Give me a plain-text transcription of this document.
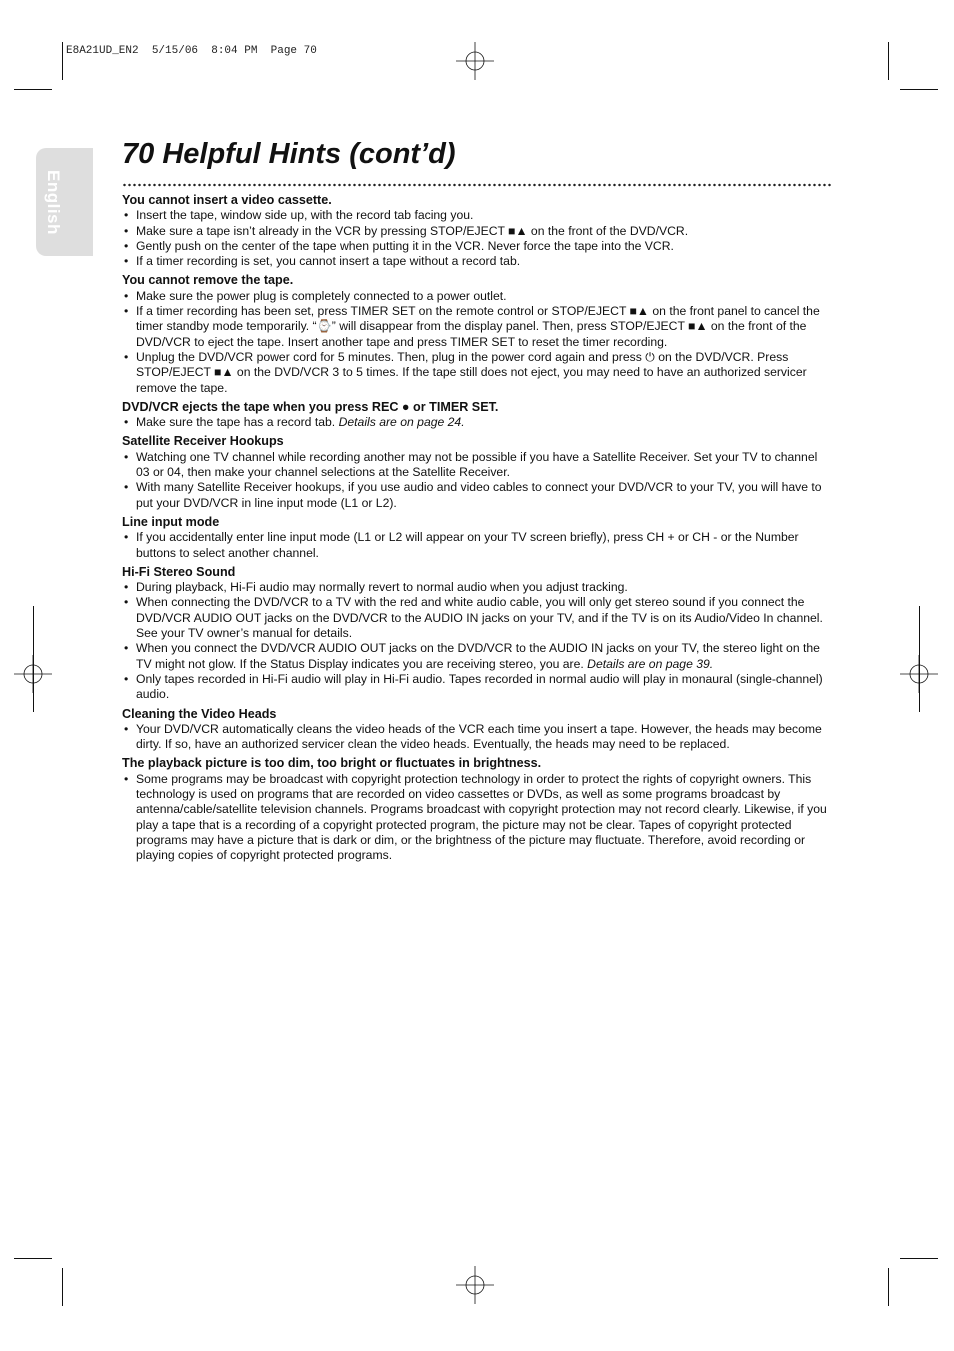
E8A21UD_EN2  5/15/06  8:04 PM  Page 70
English
70 Helpful Hints (cont’d)

You cannot insert a video cassette.

• Insert the tape, window side up, with the record tab facing you.
• Make sure a tape isn’t already in the VCR by pressing STOP/EJECT ■▲ on the front of the DVD/VCR.
• Gently push on the center of the tape when putting it in the VCR. Never force the tape into the VCR.
• If a timer recording is set, you cannot insert a tape without a record tab.

You cannot remove the tape.

• Make sure the power plug is completely connected to a power outlet.
• If a timer recording has been set, press TIMER SET on the remote control or STOP/EJECT ■▲ on the front panel to cancel the timer standby mode temporarily. “⌚” will disappear from the display panel. Then, press STOP/EJECT ■▲ on the front of the DVD/VCR to eject the tape. Insert another tape and press TIMER SET to reset the timer recording.
• Unplug the DVD/VCR power cord for 5 minutes. Then, plug in the power cord again and press ⏻ on the DVD/VCR. Press STOP/EJECT ■▲ on the DVD/VCR 3 to 5 times. If the tape still does not eject, you may need to have an authorized servicer remove the tape.

DVD/VCR ejects the tape when you press REC ● or TIMER SET.

• Make sure the tape has a record tab. Details are on page 24.

Satellite Receiver Hookups

• Watching one TV channel while recording another may not be possible if you have a Satellite Receiver. Set your TV to channel 03 or 04, then make your channel selections at the Satellite Receiver.
• With many Satellite Receiver hookups, if you use audio and video cables to connect your DVD/VCR to your TV, you will have to put your DVD/VCR in line input mode (L1 or L2).

Line input mode

• If you accidentally enter line input mode (L1 or L2 will appear on your TV screen briefly), press CH + or CH - or the Number buttons to select another channel.

Hi-Fi Stereo Sound

• During playback, Hi-Fi audio may normally revert to normal audio when you adjust tracking.
• When connecting the DVD/VCR to a TV with the red and white audio cable, you will only get stereo sound if you connect the DVD/VCR AUDIO OUT jacks on the DVD/VCR to the AUDIO IN jacks on your TV, and if the TV is on its Audio/Video In channel. See your TV owner’s manual for details.
• When you connect the DVD/VCR AUDIO OUT jacks on the DVD/VCR to the AUDIO IN jacks on your TV, the stereo light on the TV might not glow. If the Status Display indicates you are receiving stereo, you are. Details are on page 39.
• Only tapes recorded in Hi-Fi audio will play in Hi-Fi audio. Tapes recorded in normal audio will play in monaural (single-channel) audio.

Cleaning the Video Heads

• Your DVD/VCR automatically cleans the video heads of the VCR each time you insert a tape. However, the heads may become dirty. If so, have an authorized servicer clean the video heads. Eventually, the heads may need to be replaced.

The playback picture is too dim, too bright or fluctuates in brightness.

• Some programs may be broadcast with copyright protection technology in order to protect the rights of copyright owners. This technology is used on programs that are recorded on video cassettes or DVDs, as well as some programs broadcast by antenna/cable/satellite television channels. Programs broadcast with copyright protection may not record clearly. Likewise, if you play a tape that is a recording of a copyright protected program, the picture may not be clear. Tapes of copyright protected programs may have a picture that is dark or dim, or the brightness of the picture may fluctuate. Therefore, avoid recording or playing copies of copyright protected programs.
